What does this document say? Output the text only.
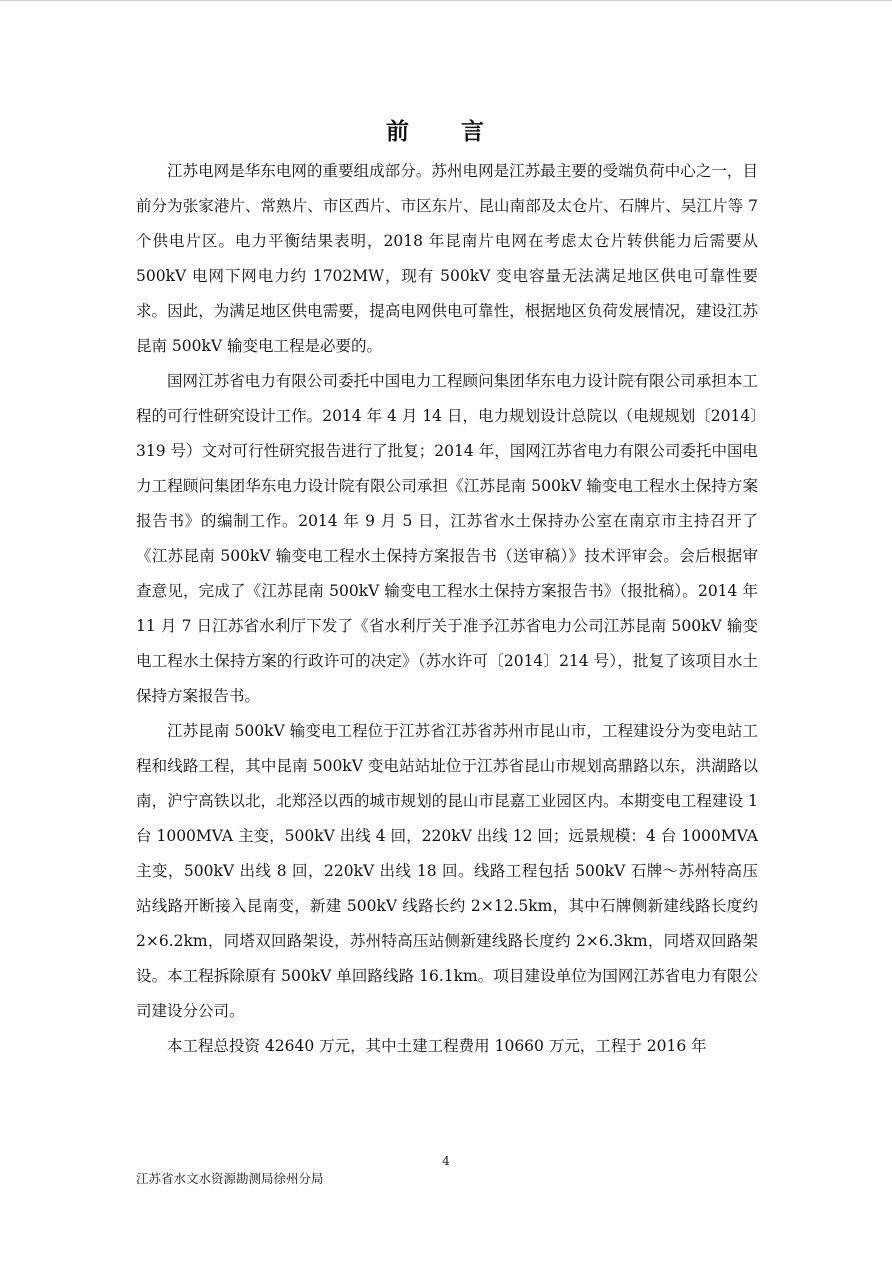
前 言

江苏电网是华东电网的重要组成部分。苏州电网是江苏最主要的受端负荷中心之一，目前分为张家港片、常熟片、市区西片、市区东片、昆山南部及太仓片、石牌片、吴江片等 7 个供电片区。电力平衡结果表明，2018 年昆南片电网在考虑太仓片转供能力后需要从 500kV 电网下网电力约 1702MW，现有 500kV 变电容量无法满足地区供电可靠性要求。因此，为满足地区供电需要，提高电网供电可靠性，根据地区负荷发展情况，建设江苏昆南 500kV 输变电工程是必要的。

国网江苏省电力有限公司委托中国电力工程顾问集团华东电力设计院有限公司承担本工程的可行性研究设计工作。2014 年 4 月 14 日，电力规划设计总院以（电规规划〔2014〕319 号）文对可行性研究报告进行了批复；2014 年，国网江苏省电力有限公司委托中国电力工程顾问集团华东电力设计院有限公司承担《江苏昆南 500kV 输变电工程水土保持方案报告书》的编制工作。2014 年 9 月 5 日，江苏省水土保持办公室在南京市主持召开了《江苏昆南 500kV 输变电工程水土保持方案报告书（送审稿）》技术评审会。会后根据审查意见，完成了《江苏昆南 500kV 输变电工程水土保持方案报告书》（报批稿）。2014 年 11 月 7 日江苏省水利厅下发了《省水利厅关于准予江苏省电力公司江苏昆南 500kV 输变电工程水土保持方案的行政许可的决定》（苏水许可〔2014〕214 号），批复了该项目水土保持方案报告书。

江苏昆南 500kV 输变电工程位于江苏省江苏省苏州市昆山市，工程建设分为变电站工程和线路工程，其中昆南 500kV 变电站站址位于江苏省昆山市规划高鼎路以东，洪湖路以南，沪宁高铁以北，北郑泾以西的城市规划的昆山市昆嘉工业园区内。本期变电工程建设 1 台 1000MVA 主变，500kV 出线 4 回，220kV 出线 12 回；远景规模：4 台 1000MVA 主变，500kV 出线 8 回，220kV 出线 18 回。线路工程包括 500kV 石牌～苏州特高压站线路开断接入昆南变，新建 500kV 线路长约 2×12.5km，其中石牌侧新建线路长度约 2×6.2km，同塔双回路架设，苏州特高压站侧新建线路长度约 2×6.3km，同塔双回路架设。本工程拆除原有 500kV 单回路线路 16.1km。项目建设单位为国网江苏省电力有限公司建设分公司。

本工程总投资 42640 万元，其中土建工程费用 10660 万元，工程于 2016 年

4
江苏省水文水资源勘测局徐州分局
